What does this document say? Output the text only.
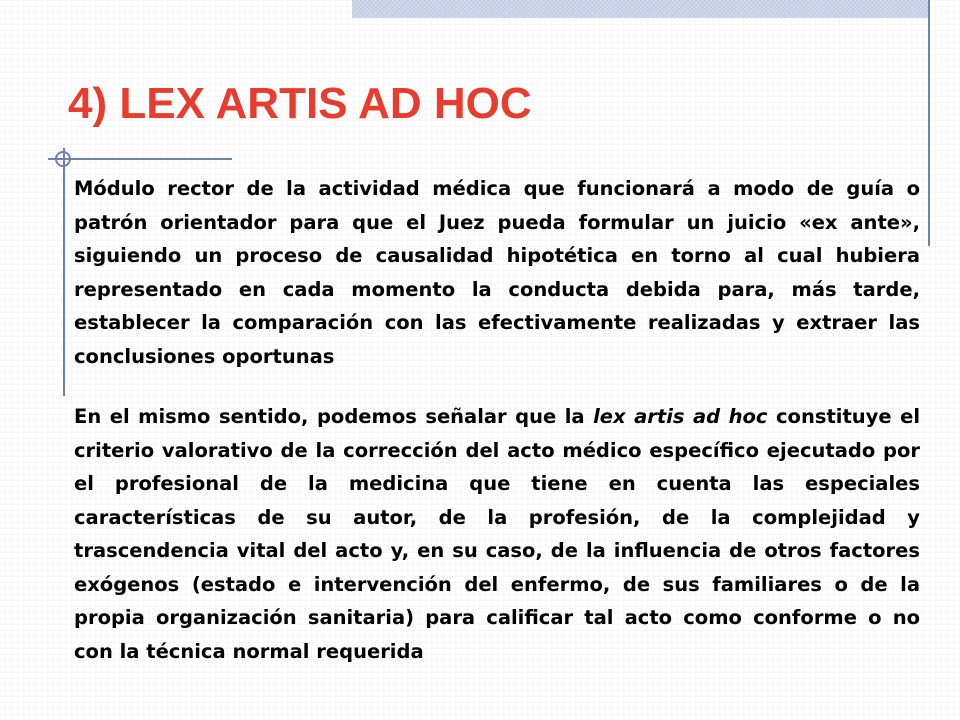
4) LEX ARTIS AD HOC

Módulo rector de la actividad médica que funcionará a modo de guía o patrón orientador para que el Juez pueda formular un juicio «ex ante», siguiendo un proceso de causalidad hipotética en torno al cual hubiera representado en cada momento la conducta debida para, más tarde, establecer la comparación con las efectivamente realizadas y extraer las conclusiones oportunas

En el mismo sentido, podemos señalar que la lex artis ad hoc constituye el criterio valorativo de la corrección del acto médico específico ejecutado por el profesional de la medicina que tiene en cuenta las especiales características de su autor, de la profesión, de la complejidad y trascendencia vital del acto y, en su caso, de la influencia de otros factores exógenos (estado e intervención del enfermo, de sus familiares o de la propia organización sanitaria) para calificar tal acto como conforme o no con la técnica normal requerida
